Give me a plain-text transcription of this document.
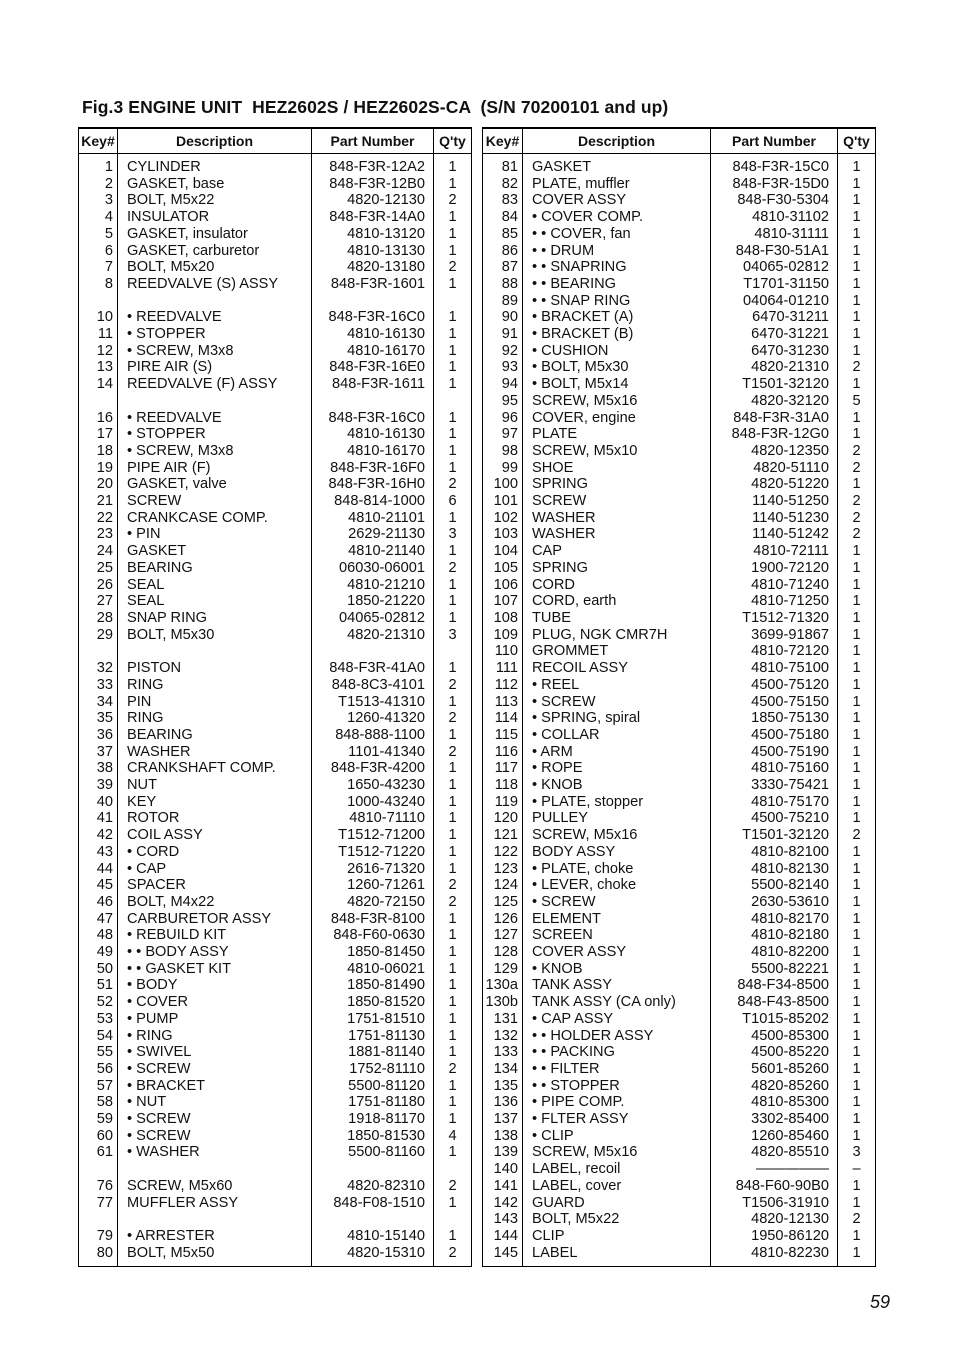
Fig.3 ENGINE UNIT  HEZ2602S / HEZ2602S-CA  (S/N 70200101 and up)
Key#	Description	Part Number	Q'ty
1	CYLINDER	848-F3R-12A2	1
2	GASKET, base	848-F3R-12B0	1
3	BOLT, M5x22	4820-12130	2
4	INSULATOR	848-F3R-14A0	1
5	GASKET, insulator	4810-13120	1
6	GASKET, carburetor	4810-13130	1
7	BOLT, M5x20	4820-13180	2
8	REEDVALVE (S) ASSY	848-F3R-1601	1

10	• REEDVALVE	848-F3R-16C0	1
11	• STOPPER	4810-16130	1
12	• SCREW, M3x8	4810-16170	1
13	PIRE AIR (S)	848-F3R-16E0	1
14	REEDVALVE (F) ASSY	848-F3R-1611	1

16	• REEDVALVE	848-F3R-16C0	1
17	• STOPPER	4810-16130	1
18	• SCREW, M3x8	4810-16170	1
19	PIPE AIR (F)	848-F3R-16F0	1
20	GASKET, valve	848-F3R-16H0	2
21	SCREW	848-814-1000	6
22	CRANKCASE COMP.	4810-21101	1
23	• PIN	2629-21130	3
24	GASKET	4810-21140	1
25	BEARING	06030-06001	2
26	SEAL	4810-21210	1
27	SEAL	1850-21220	1
28	SNAP RING	04065-02812	1
29	BOLT, M5x30	4820-21310	3

32	PISTON	848-F3R-41A0	1
33	RING	848-8C3-4101	2
34	PIN	T1513-41310	1
35	RING	1260-41320	2
36	BEARING	848-888-1100	1
37	WASHER	1101-41340	2
38	CRANKSHAFT COMP.	848-F3R-4200	1
39	NUT	1650-43230	1
40	KEY	1000-43240	1
41	ROTOR	4810-71110	1
42	COIL ASSY	T1512-71200	1
43	• CORD	T1512-71220	1
44	• CAP	2616-71320	1
45	SPACER	1260-71261	2
46	BOLT, M4x22	4820-72150	2
47	CARBURETOR ASSY	848-F3R-8100	1
48	• REBUILD KIT	848-F60-0630	1
49	• • BODY ASSY	1850-81450	1
50	• • GASKET KIT	4810-06021	1
51	• BODY	1850-81490	1
52	• COVER	1850-81520	1
53	• PUMP	1751-81510	1
54	• RING	1751-81130	1
55	• SWIVEL	1881-81140	1
56	• SCREW	1752-81110	2
57	• BRACKET	5500-81120	1
58	• NUT	1751-81180	1
59	• SCREW	1918-81170	1
60	• SCREW	1850-81530	4
61	• WASHER	5500-81160	1

76	SCREW, M5x60	4820-82310	2
77	MUFFLER ASSY	848-F08-1510	1

79	• ARRESTER	4810-15140	1
80	BOLT, M5x50	4820-15310	2
Key#	Description	Part Number	Q'ty
81	GASKET	848-F3R-15C0	1
82	PLATE, muffler	848-F3R-15D0	1
83	COVER ASSY	848-F30-5304	1
84	• COVER COMP.	4810-31102	1
85	• • COVER, fan	4810-31111	1
86	• • DRUM	848-F30-51A1	1
87	• • SNAPRING	04065-02812	1
88	• • BEARING	T1701-31150	1
89	• • SNAP RING	04064-01210	1
90	• BRACKET (A)	6470-31211	1
91	• BRACKET (B)	6470-31221	1
92	• CUSHION	6470-31230	1
93	• BOLT, M5x30	4820-21310	2
94	• BOLT, M5x14	T1501-32120	1
95	SCREW, M5x16	4820-32120	5
96	COVER, engine	848-F3R-31A0	1
97	PLATE	848-F3R-12G0	1
98	SCREW, M5x10	4820-12350	2
99	SHOE	4820-51110	2
100	SPRING	4820-51220	1
101	SCREW	1140-51250	2
102	WASHER	1140-51230	2
103	WASHER	1140-51242	2
104	CAP	4810-72111	1
105	SPRING	1900-72120	1
106	CORD	4810-71240	1
107	CORD, earth	4810-71250	1
108	TUBE	T1512-71320	1
109	PLUG, NGK CMR7H	3699-91867	1
110	GROMMET	4810-72120	1
111	RECOIL ASSY	4810-75100	1
112	• REEL	4500-75120	1
113	• SCREW	4500-75150	1
114	• SPRING, spiral	1850-75130	1
115	• COLLAR	4500-75180	1
116	• ARM	4500-75190	1
117	• ROPE	4810-75160	1
118	• KNOB	3330-75421	1
119	• PLATE, stopper	4810-75170	1
120	PULLEY	4500-75210	1
121	SCREW, M5x16	T1501-32120	2
122	BODY ASSY	4810-82100	1
123	• PLATE, choke	4810-82130	1
124	• LEVER, choke	5500-82140	1
125	• SCREW	2630-53610	1
126	ELEMENT	4810-82170	1
127	SCREEN	4810-82180	1
128	COVER ASSY	4810-82200	1
129	• KNOB	5500-82221	1
130a	TANK ASSY	848-F34-8500	1
130b	TANK ASSY (CA only)	848-F43-8500	1
131	• CAP ASSY	T1015-85202	1
132	• • HOLDER ASSY	4500-85300	1
133	• • PACKING	4500-85220	1
134	• • FILTER	5601-85260	1
135	• • STOPPER	4820-85260	1
136	• PIPE COMP.	4810-85300	1
137	• FLTER ASSY	3302-85400	1
138	• CLIP	1260-85460	1
139	SCREW, M5x16	4820-85510	3
140	LABEL, recoil	—————	–
141	LABEL, cover	848-F60-90B0	1
142	GUARD	T1506-31910	1
143	BOLT, M5x22	4820-12130	2
144	CLIP	1950-86120	1
145	LABEL	4810-82230	1
59
